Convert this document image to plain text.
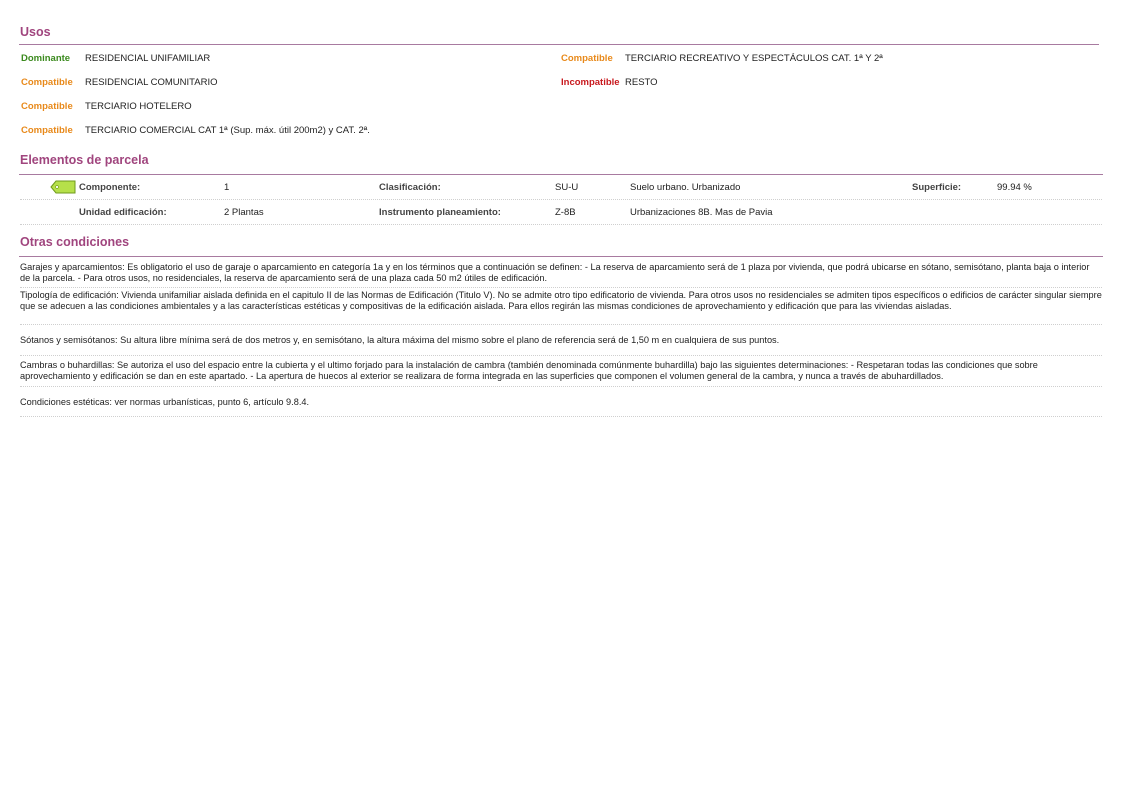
Usos
Dominante RESIDENCIAL UNIFAMILIAR
Compatible RESIDENCIAL COMUNITARIO
Compatible TERCIARIO HOTELERO
Compatible TERCIARIO COMERCIAL CAT 1ª (Sup. máx. útil 200m2) y CAT. 2ª.
Compatible TERCIARIO RECREATIVO Y ESPECTÁCULOS CAT. 1ª Y 2ª
Incompatible RESTO
Elementos de parcela
Componente:	1	Clasificación:	SU-U	Suelo urbano. Urbanizado	Superficie:	99.94 %
Unidad edificación:	2 Plantas	Instrumento planeamiento:	Z-8B	Urbanizaciones 8B. Mas de Pavia
Otras condiciones
Garajes y aparcamientos: Es obligatorio el uso de garaje o aparcamiento en categoría 1a y en los términos que a continuación se definen: - La reserva de aparcamiento será de 1 plaza por vivienda, que podrá ubicarse en sótano, semisótano, planta baja o interior de la parcela. - Para otros usos, no residenciales, la reserva de aparcamiento será de una plaza cada 50 m2 útiles de edificación.
Tipología de edificación: Vivienda unifamiliar aislada definida en el capitulo II de las Normas de Edificación (Titulo V). No se admite otro tipo edificatorio de vivienda. Para otros usos no residenciales se admiten tipos específicos o edificios de carácter singular siempre que se adecuen a las condiciones ambientales y a las características estéticas y compositivas de la edificación aislada. Para ellos regirán las mismas condiciones de aprovechamiento y edificación que para las viviendas aisladas.
Sótanos y semisótanos: Su altura libre mínima será de dos metros y, en semisótano, la altura máxima del mismo sobre el plano de referencia será de 1,50 m en cualquiera de sus puntos.
Cambras o buhardillas: Se autoriza el uso del espacio entre la cubierta y el ultimo forjado para la instalación de cambra (también denominada comúnmente buhardilla) bajo las siguientes determinaciones: - Respetaran todas las condiciones que sobre aprovechamiento y edificación se dan en este apartado. - La apertura de huecos al exterior se realizara de forma integrada en las superficies que componen el volumen general de la cambra, y nunca a través de abuhardillados.
Condiciones estéticas: ver normas urbanísticas, punto 6, artículo 9.8.4.
